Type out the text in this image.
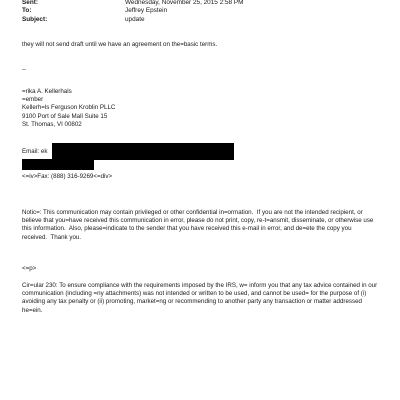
Sent:	Wednesday, November 25, 2015 2:58 PM
To:	Jeffrey Epstein
Subject:	update
they will not send draft until we have an agreement on the=basic terms.
--
=rika A. Kellerhals
=ember
Kellerh=ls Ferguson Kroblin PLLC
9100 Port of Sale Mall Suite 15
St. Thomas, VI 00802
Email: ek
<=iv>Fax: (888) 316-9269<=div>
Notic=: This communication may contain privileged or other confidential in=ormation.  If you are not the intended recipient, or believe that you=have received this communication in error, please do not print, copy, re-t=ansmit, disseminate, or otherwise use this information.  Also, please=indicate to the sender that you have received this e-mail in error, and de=ete the copy you received.  Thank you.
<=p>
Cir=ular 230: To ensure compliance with the requirements imposed by the IRS, w= inform you that any tax advice contained in our communication (including =ny attachments) was not intended or written to be used, and cannot be used= for the purpose of (i) avoiding any tax penalty or (ii) promoting, market=ng or recommending to another party any transaction or matter addressed he=ein.
